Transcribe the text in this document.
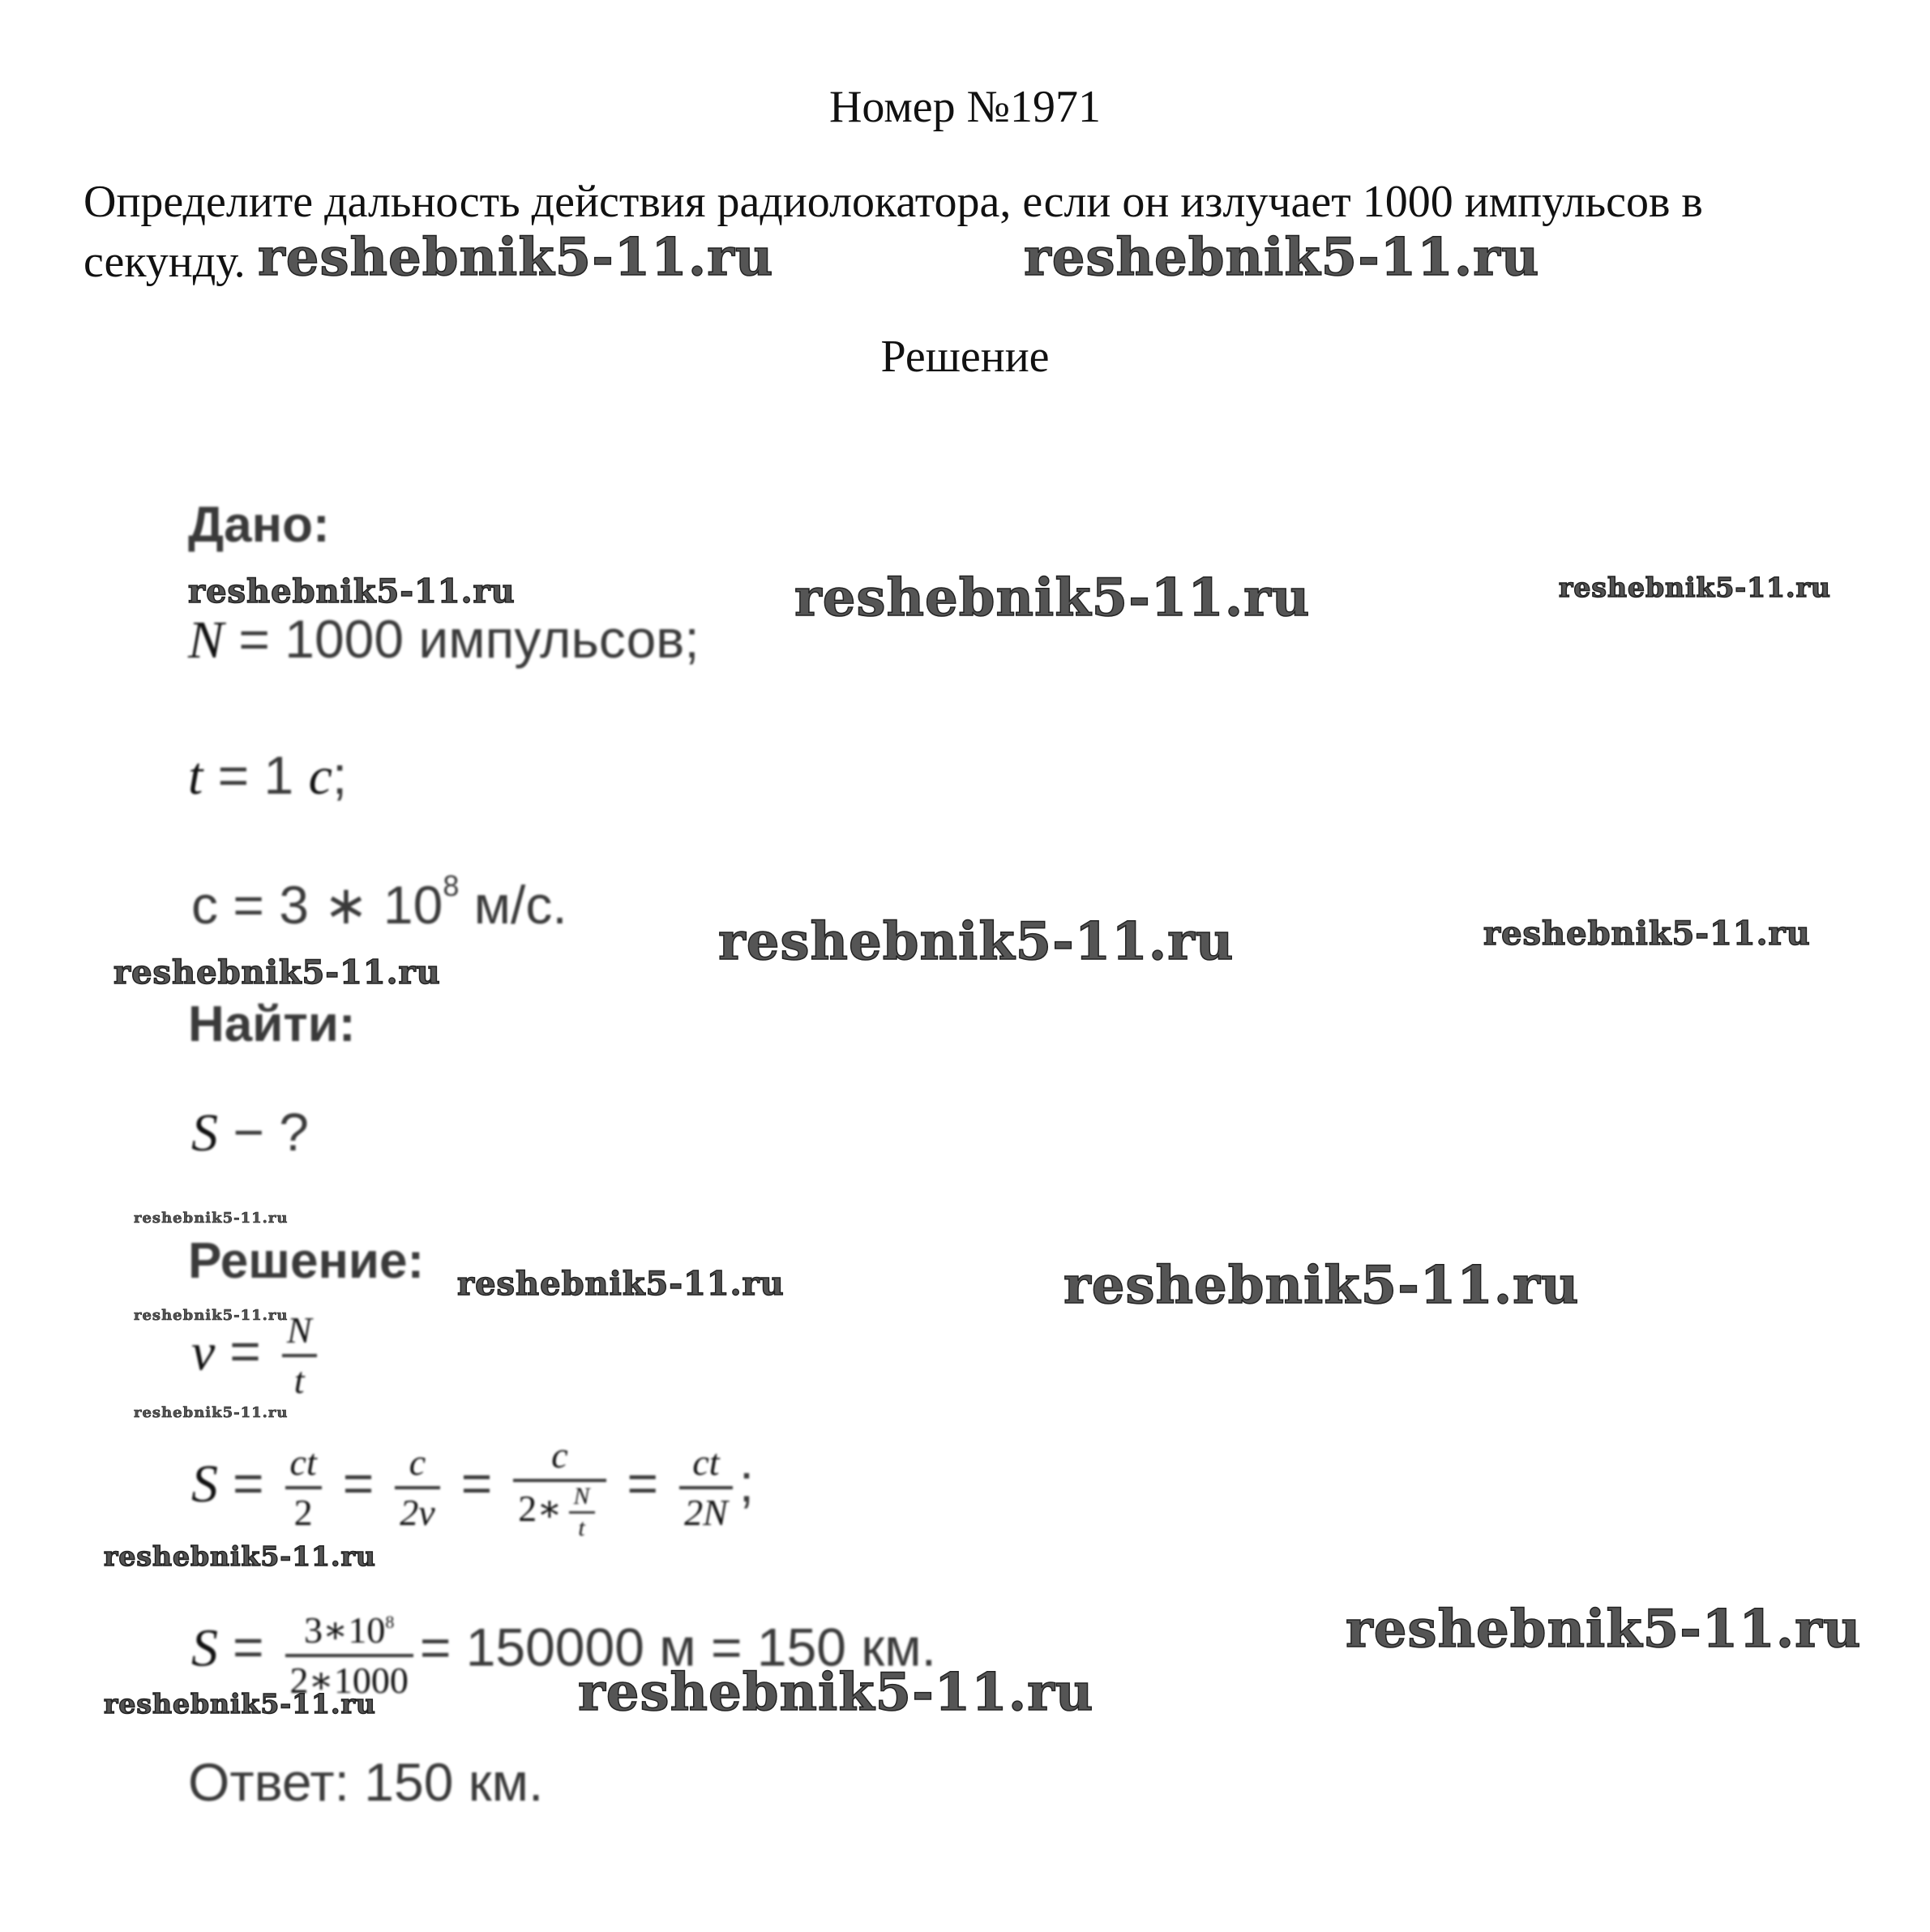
Номер №1971
Определите дальность действия радиолокатора, если он излучает 1000 импульсов в секунду.
Решение
Дано:
N = 1000 импульсов;
t = 1 c;
c = 3 ∗ $10^8$ м/с.
Найти:
S − ?
Решение:
$\nu = \frac{N}{t}$
$S = \frac{ct}{2} = \frac{c}{2\nu} = \frac{c}{2∗ \frac{N}{t}} = \frac{ct}{2N}$ ;
$S = \frac{3∗10^8}{2∗1000} = 150000$ м = 150 км.
Ответ: 150 км.
reshebnik5-11.ru	reshebnik5-11.ru
reshebnik5-11.ru	reshebnik5-11.ru	reshebnik5-11.ru
reshebnik5-11.ru	reshebnik5-11.ru
reshebnik5-11.ru
reshebnik5-11.ru
reshebnik5-11.ru	reshebnik5-11.ru
reshebnik5-11.ru
reshebnik5-11.ru
reshebnik5-11.ru
reshebnik5-11.ru
reshebnik5-11.ru	reshebnik5-11.ru
